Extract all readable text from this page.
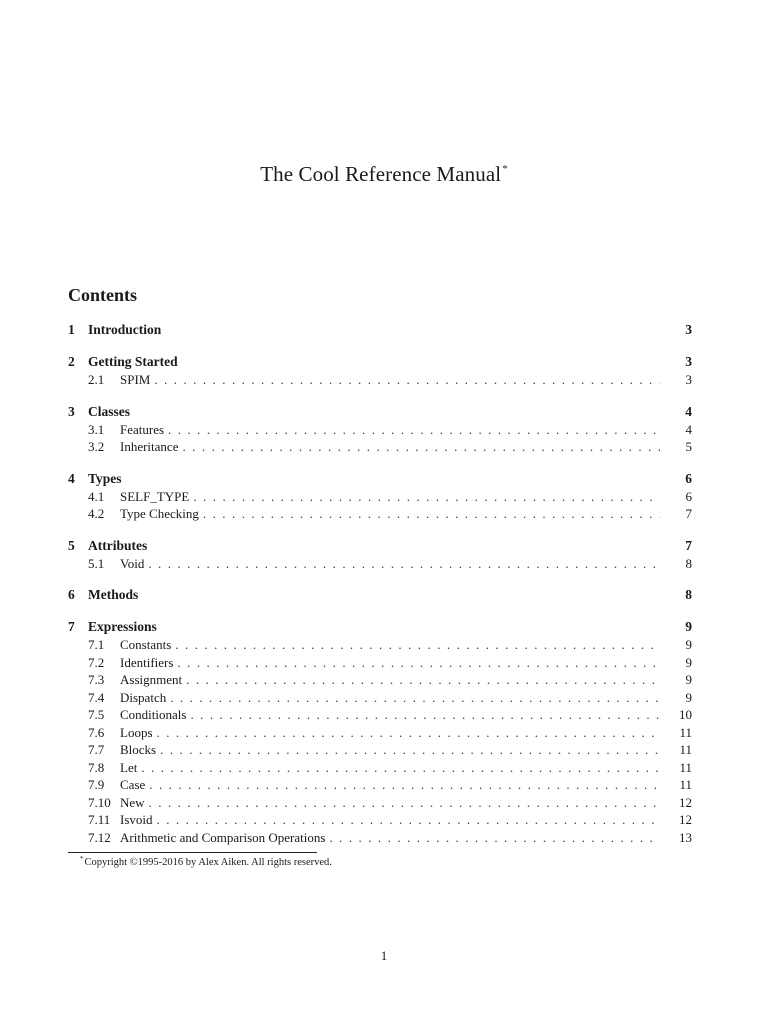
The Cool Reference Manual*
Contents
1 Introduction	3
2 Getting Started	3
2.1	SPIM . . .	3
3 Classes	4
3.1	Features . . .	4
3.2	Inheritance . . .	5
4 Types	6
4.1	SELF_TYPE . . .	6
4.2	Type Checking . . .	7
5 Attributes	7
5.1	Void . . .	8
6 Methods	8
7 Expressions	9
7.1	Constants . . .	9
7.2	Identifiers . . .	9
7.3	Assignment . . .	9
7.4	Dispatch . . .	9
7.5	Conditionals . . .	10
7.6	Loops . . .	11
7.7	Blocks . . .	11
7.8	Let . . .	11
7.9	Case . . .	11
7.10 New . . .	12
7.11 Isvoid . . .	12
7.12 Arithmetic and Comparison Operations . . .	13
*Copyright ©1995-2016 by Alex Aiken. All rights reserved.
1
